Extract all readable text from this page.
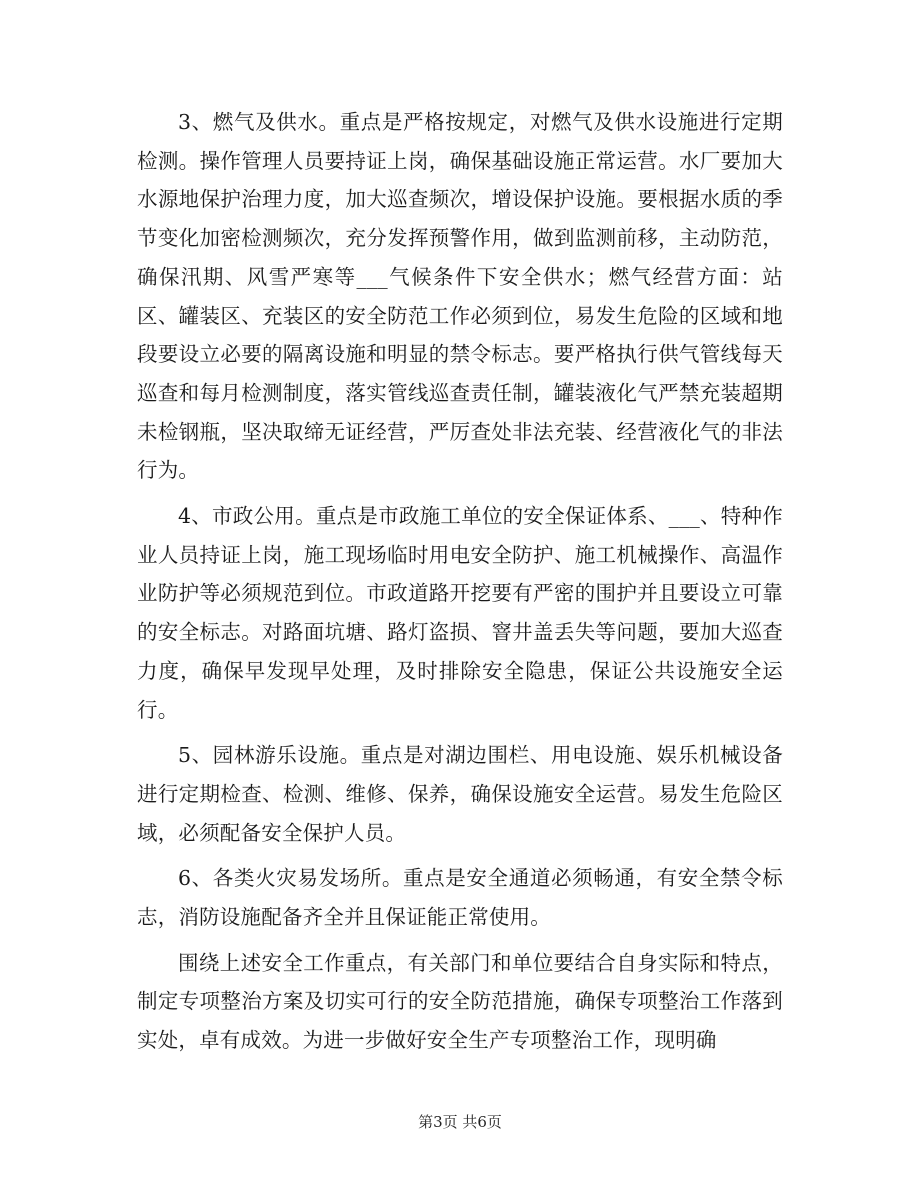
3、燃气及供水。重点是严格按规定，对燃气及供水设施进行定期检测。操作管理人员要持证上岗，确保基础设施正常运营。水厂要加大水源地保护治理力度，加大巡查频次，增设保护设施。要根据水质的季节变化加密检测频次，充分发挥预警作用，做到监测前移，主动防范，确保汛期、风雪严寒等___气候条件下安全供水；燃气经营方面：站区、罐装区、充装区的安全防范工作必须到位，易发生危险的区域和地段要设立必要的隔离设施和明显的禁令标志。要严格执行供气管线每天巡查和每月检测制度，落实管线巡查责任制，罐装液化气严禁充装超期未检钢瓶，坚决取缔无证经营，严厉查处非法充装、经营液化气的非法行为。

4、市政公用。重点是市政施工单位的安全保证体系、___、特种作业人员持证上岗，施工现场临时用电安全防护、施工机械操作、高温作业防护等必须规范到位。市政道路开挖要有严密的围护并且要设立可靠的安全标志。对路面坑塘、路灯盗损、窨井盖丢失等问题，要加大巡查力度，确保早发现早处理，及时排除安全隐患，保证公共设施安全运行。

5、园林游乐设施。重点是对湖边围栏、用电设施、娱乐机械设备进行定期检查、检测、维修、保养，确保设施安全运营。易发生危险区域，必须配备安全保护人员。

6、各类火灾易发场所。重点是安全通道必须畅通，有安全禁令标志，消防设施配备齐全并且保证能正常使用。

围绕上述安全工作重点，有关部门和单位要结合自身实际和特点，制定专项整治方案及切实可行的安全防范措施，确保专项整治工作落到实处，卓有成效。为进一步做好安全生产专项整治工作，现明确

第3页 共6页
